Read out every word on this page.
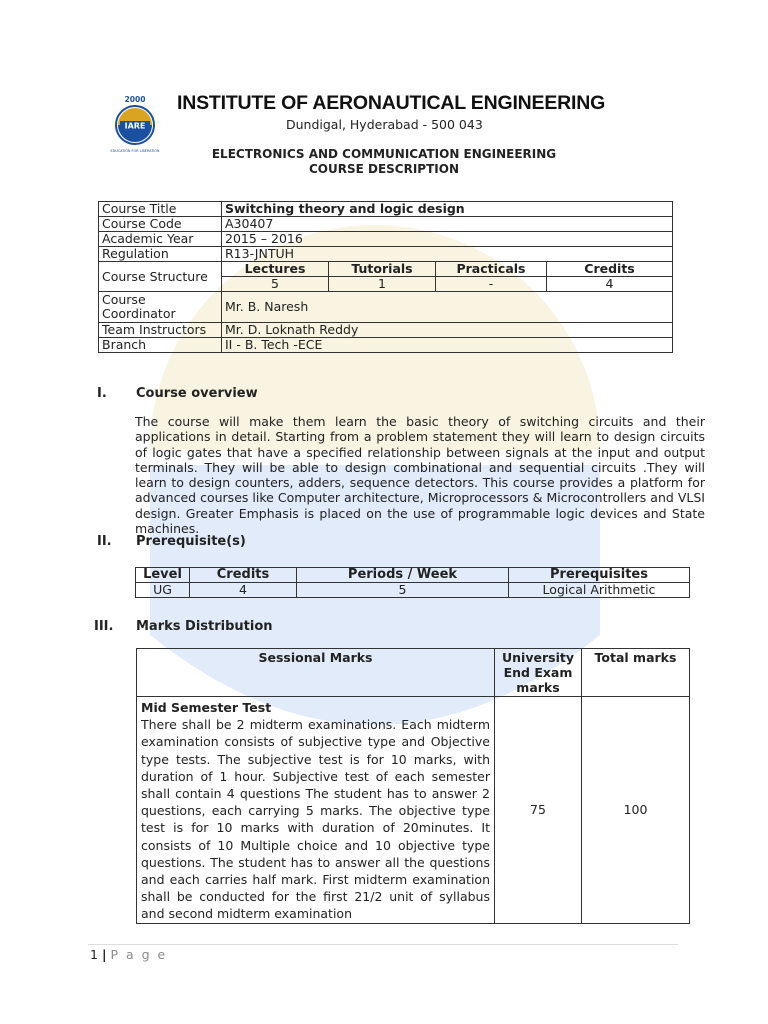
2000
IARE
EDUCATION FOR LIBERATION
INSTITUTE OF AERONAUTICAL ENGINEERING
Dundigal, Hyderabad - 500 043
ELECTRONICS AND COMMUNICATION ENGINEERING
COURSE DESCRIPTION
Course Title	Switching theory and logic design			
Course Code	A30407			
Academic Year	2015 – 2016			
Regulation	R13-JNTUH			
Course Structure	Lectures	Tutorials	Practicals	Credits
	5	1	-	4
Course Coordinator	Mr. B. Naresh			
Team Instructors	Mr. D. Loknath Reddy			
Branch	II - B. Tech -ECE			
I. Course overview

The course will make them learn the basic theory of switching circuits and their applications in detail. Starting from a problem statement they will learn to design circuits of logic gates that have a specified relationship between signals at the input and output terminals. They will be able to design combinational and sequential circuits .They will learn to design counters, adders, sequence detectors. This course provides a platform for advanced courses like Computer architecture, Microprocessors & Microcontrollers and VLSI design. Greater Emphasis is placed on the use of programmable logic devices and State machines.

II. Prerequisite(s)
Level	Credits	Periods / Week	Prerequisites
UG	4	5	Logical Arithmetic
III. Marks Distribution
Sessional Marks	University End Exam marks	Total marks

Mid Semester Test
There shall be 2 midterm examinations. Each midterm examination consists of subjective type and Objective type tests. The subjective test is for 10 marks, with duration of 1 hour. Subjective test of each semester shall contain 4 questions The student has to answer 2 questions, each carrying 5 marks. The objective type test is for 10 marks with duration of 20minutes. It consists of 10 Multiple choice and 10 objective type questions. The student has to answer all the questions and each carries half mark. First midterm examination shall be conducted for the first 21/2 unit of syllabus and second midterm examination	75	100
1 | P a g e
